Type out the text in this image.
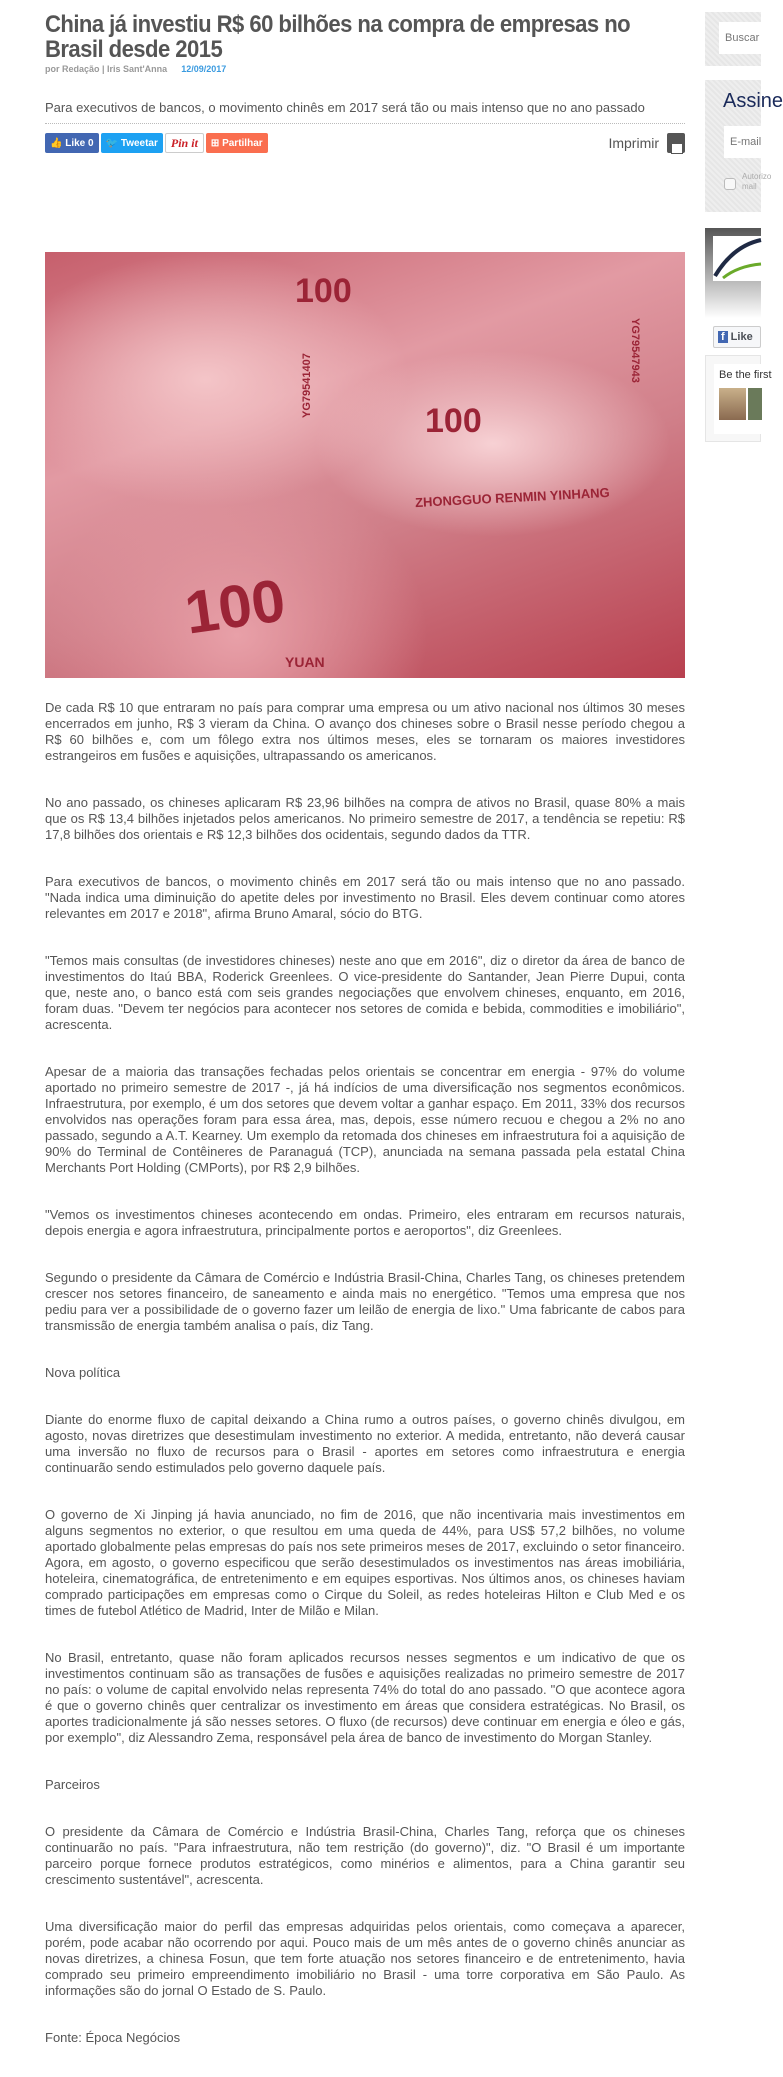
China já investiu R$ 60 bilhões na compra de empresas no Brasil desde 2015
por Redação | Iris Sant'Anna 12/09/2017
Para executivos de bancos, o movimento chinês em 2017 será tão ou mais intenso que no ano passado
👍 Like 0 🐦 Tweetar	Pin it	⊞ Partilhar	Imprimir
100
100
ZHONGGUO RENMIN YINHANG
YG79547943
YG79541407
100
YUAN

De cada R$ 10 que entraram no país para comprar uma empresa ou um ativo nacional nos últimos 30 meses encerrados em junho, R$ 3 vieram da China. O avanço dos chineses sobre o Brasil nesse período chegou a R$ 60 bilhões e, com um fôlego extra nos últimos meses, eles se tornaram os maiores investidores estrangeiros em fusões e aquisições, ultrapassando os americanos.

No ano passado, os chineses aplicaram R$ 23,96 bilhões na compra de ativos no Brasil, quase 80% a mais que os R$ 13,4 bilhões injetados pelos americanos. No primeiro semestre de 2017, a tendência se repetiu: R$ 17,8 bilhões dos orientais e R$ 12,3 bilhões dos ocidentais, segundo dados da TTR.

Para executivos de bancos, o movimento chinês em 2017 será tão ou mais intenso que no ano passado. "Nada indica uma diminuição do apetite deles por investimento no Brasil. Eles devem continuar como atores relevantes em 2017 e 2018", afirma Bruno Amaral, sócio do BTG.

"Temos mais consultas (de investidores chineses) neste ano que em 2016", diz o diretor da área de banco de investimentos do Itaú BBA, Roderick Greenlees. O vice-presidente do Santander, Jean Pierre Dupui, conta que, neste ano, o banco está com seis grandes negociações que envolvem chineses, enquanto, em 2016, foram duas. "Devem ter negócios para acontecer nos setores de comida e bebida, commodities e imobiliário", acrescenta.

Apesar de a maioria das transações fechadas pelos orientais se concentrar em energia - 97% do volume aportado no primeiro semestre de 2017 -, já há indícios de uma diversificação nos segmentos econômicos. Infraestrutura, por exemplo, é um dos setores que devem voltar a ganhar espaço. Em 2011, 33% dos recursos envolvidos nas operações foram para essa área, mas, depois, esse número recuou e chegou a 2% no ano passado, segundo a A.T. Kearney. Um exemplo da retomada dos chineses em infraestrutura foi a aquisição de 90% do Terminal de Contêineres de Paranaguá (TCP), anunciada na semana passada pela estatal China Merchants Port Holding (CMPorts), por R$ 2,9 bilhões.

"Vemos os investimentos chineses acontecendo em ondas. Primeiro, eles entraram em recursos naturais, depois energia e agora infraestrutura, principalmente portos e aeroportos", diz Greenlees.

Segundo o presidente da Câmara de Comércio e Indústria Brasil-China, Charles Tang, os chineses pretendem crescer nos setores financeiro, de saneamento e ainda mais no energético. "Temos uma empresa que nos pediu para ver a possibilidade de o governo fazer um leilão de energia de lixo." Uma fabricante de cabos para transmissão de energia também analisa o país, diz Tang.

Nova política

Diante do enorme fluxo de capital deixando a China rumo a outros países, o governo chinês divulgou, em agosto, novas diretrizes que desestimulam investimento no exterior. A medida, entretanto, não deverá causar uma inversão no fluxo de recursos para o Brasil - aportes em setores como infraestrutura e energia continuarão sendo estimulados pelo governo daquele país.

O governo de Xi Jinping já havia anunciado, no fim de 2016, que não incentivaria mais investimentos em alguns segmentos no exterior, o que resultou em uma queda de 44%, para US$ 57,2 bilhões, no volume aportado globalmente pelas empresas do país nos sete primeiros meses de 2017, excluindo o setor financeiro. Agora, em agosto, o governo especificou que serão desestimulados os investimentos nas áreas imobiliária, hoteleira, cinematográfica, de entretenimento e em equipes esportivas. Nos últimos anos, os chineses haviam comprado participações em empresas como o Cirque du Soleil, as redes hoteleiras Hilton e Club Med e os times de futebol Atlético de Madrid, Inter de Milão e Milan.

No Brasil, entretanto, quase não foram aplicados recursos nesses segmentos e um indicativo de que os investimentos continuam são as transações de fusões e aquisições realizadas no primeiro semestre de 2017 no país: o volume de capital envolvido nelas representa 74% do total do ano passado. "O que acontece agora é que o governo chinês quer centralizar os investimento em áreas que considera estratégicas. No Brasil, os aportes tradicionalmente já são nesses setores. O fluxo (de recursos) deve continuar em energia e óleo e gás, por exemplo", diz Alessandro Zema, responsável pela área de banco de investimento do Morgan Stanley.

Parceiros

O presidente da Câmara de Comércio e Indústria Brasil-China, Charles Tang, reforça que os chineses continuarão no país. "Para infraestrutura, não tem restrição (do governo)", diz. "O Brasil é um importante parceiro porque fornece produtos estratégicos, como minérios e alimentos, para a China garantir seu crescimento sustentável", acrescenta.

Uma diversificação maior do perfil das empresas adquiridas pelos orientais, como começava a aparecer, porém, pode acabar não ocorrendo por aqui. Pouco mais de um mês antes de o governo chinês anunciar as novas diretrizes, a chinesa Fosun, que tem forte atuação nos setores financeiro e de entretenimento, havia comprado seu primeiro empreendimento imobiliário no Brasil - uma torre corporativa em São Paulo. As informações são do jornal O Estado de S. Paulo.

Fonte: Época Negócios

Buscar
Assine
E-mail
Autorizo mail
f Like
Be the first
